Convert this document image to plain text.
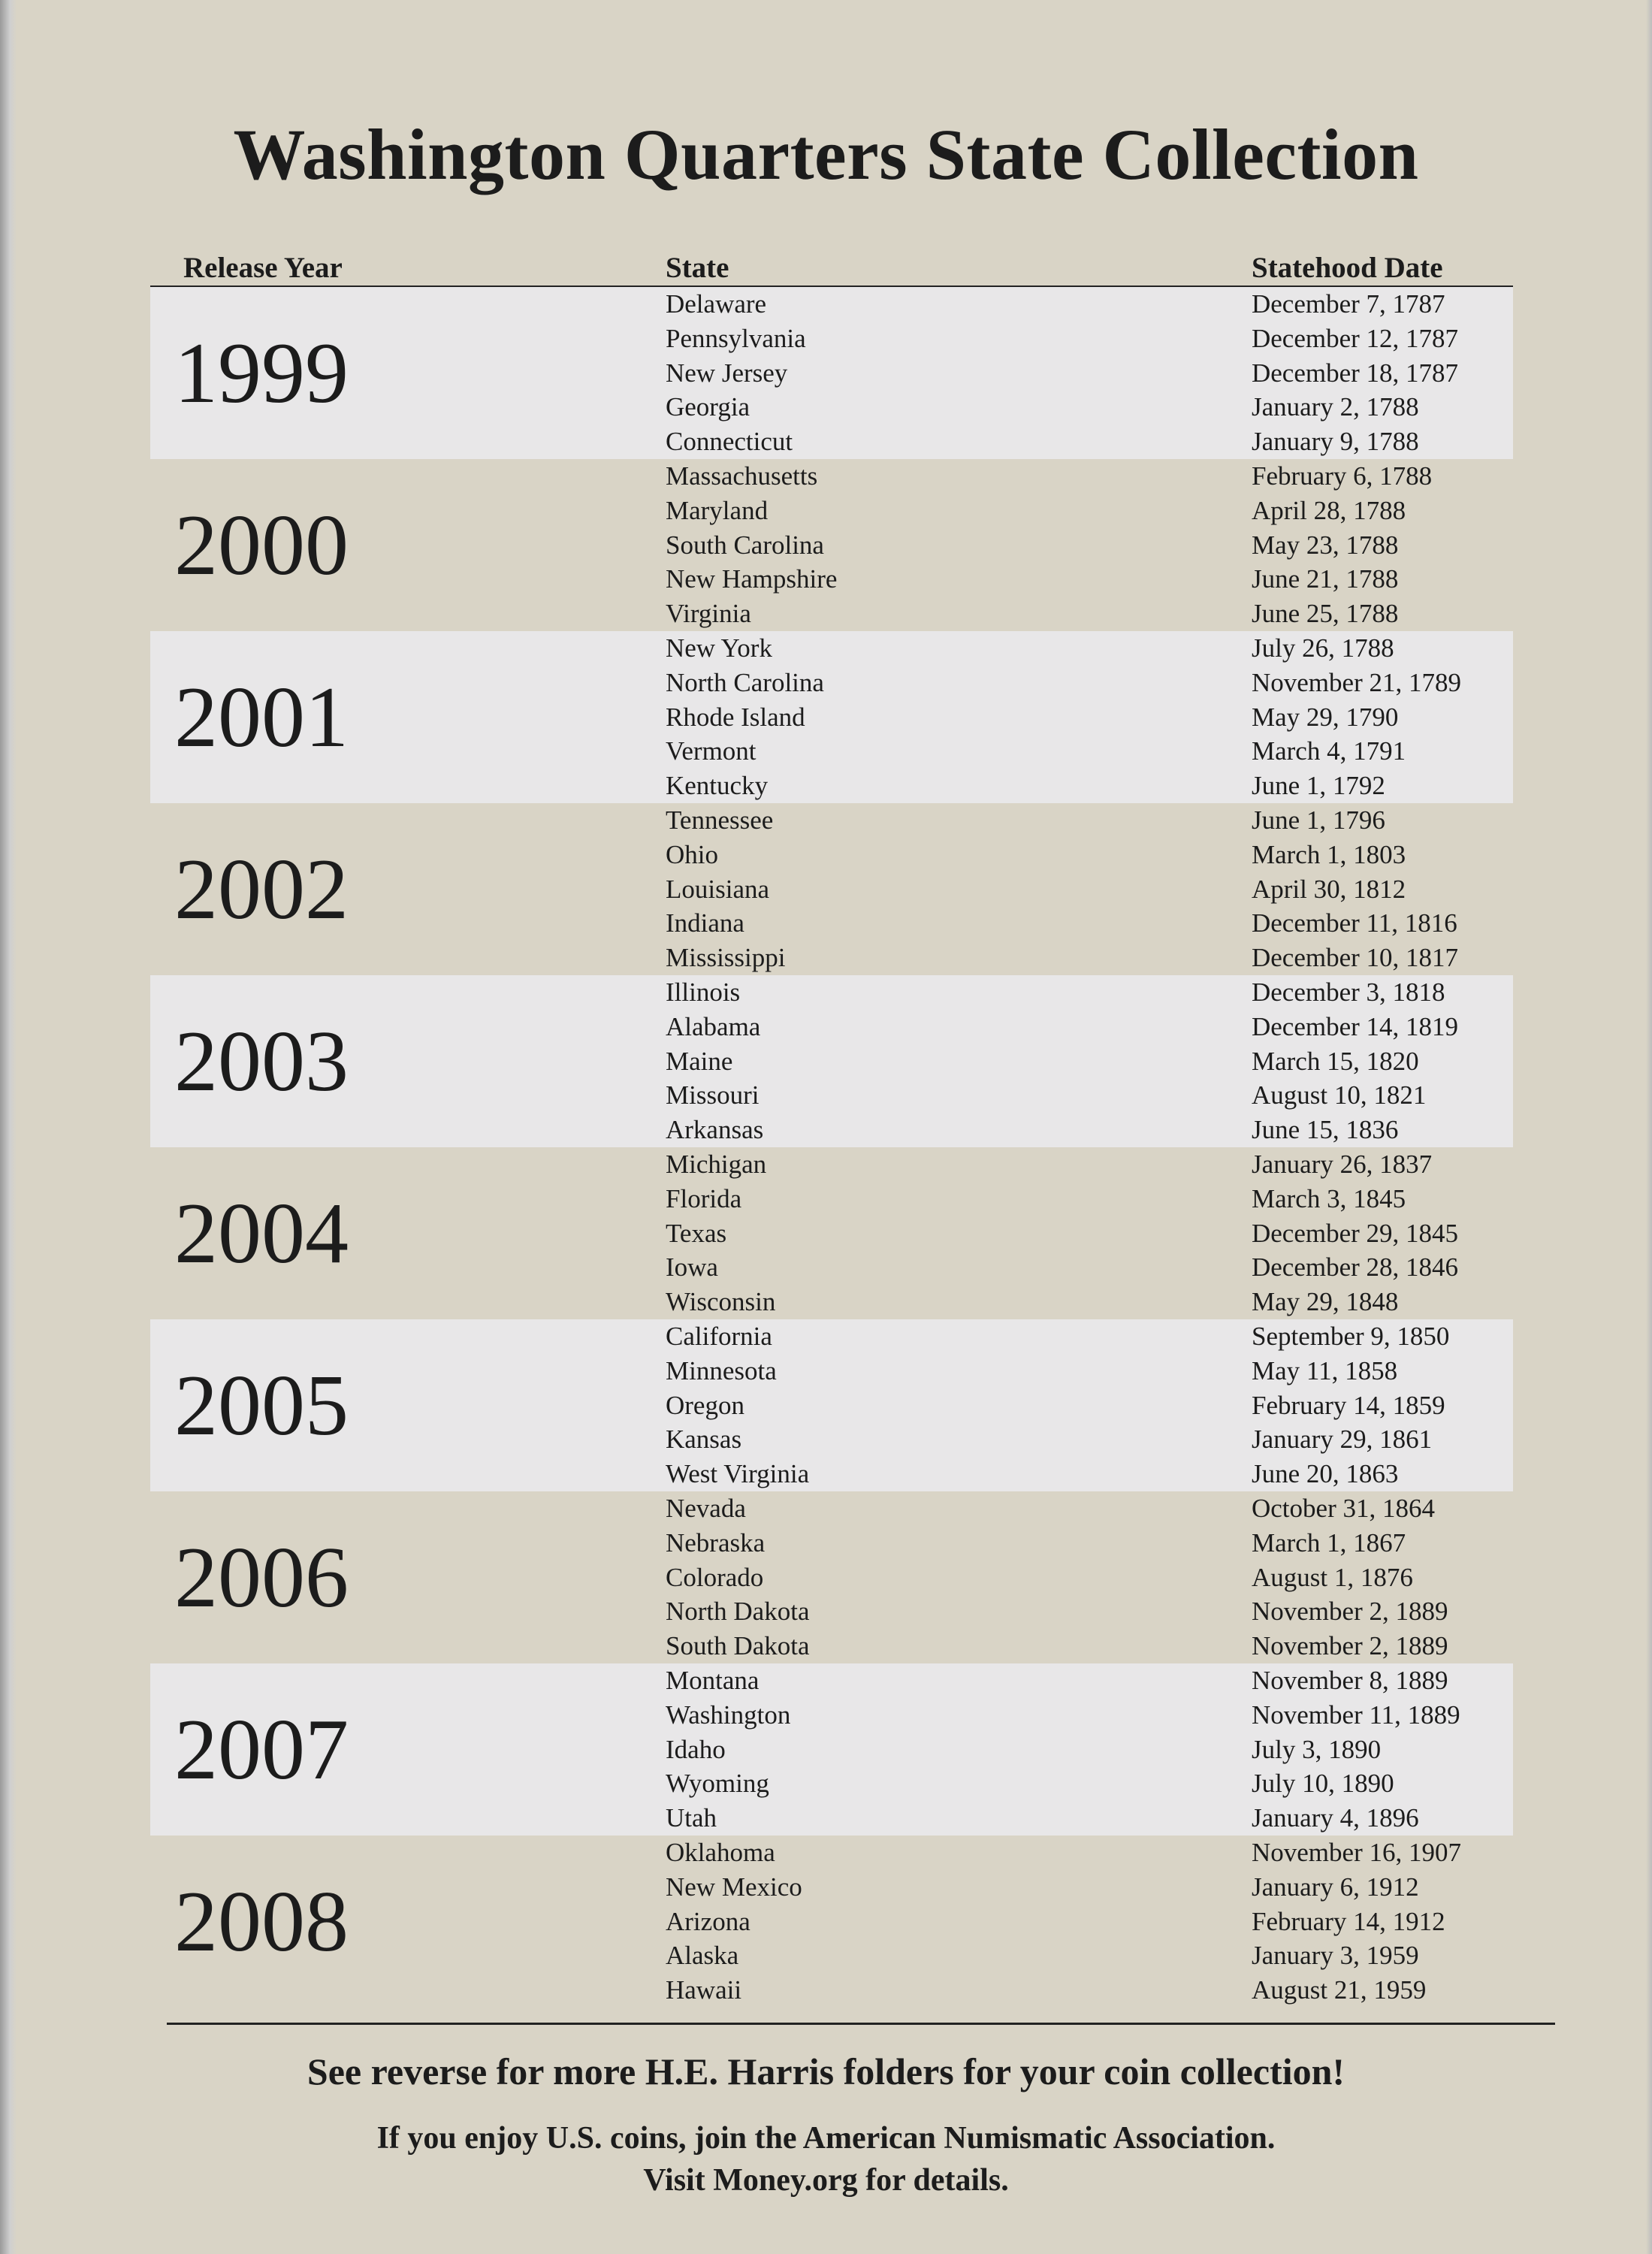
Washington Quarters State Collection
Release Year	State	Statehood Date
1999
Delaware	December 7, 1787
Pennsylvania	December 12, 1787
New Jersey	December 18, 1787
Georgia	January 2, 1788
Connecticut	January 9, 1788
2000
Massachusetts	February 6, 1788
Maryland	April 28, 1788
South Carolina	May 23, 1788
New Hampshire	June 21, 1788
Virginia	June 25, 1788
2001
New York	July 26, 1788
North Carolina	November 21, 1789
Rhode Island	May 29, 1790
Vermont	March 4, 1791
Kentucky	June 1, 1792
2002
Tennessee	June 1, 1796
Ohio	March 1, 1803
Louisiana	April 30, 1812
Indiana	December 11, 1816
Mississippi	December 10, 1817
2003
Illinois	December 3, 1818
Alabama	December 14, 1819
Maine	March 15, 1820
Missouri	August 10, 1821
Arkansas	June 15, 1836
2004
Michigan	January 26, 1837
Florida	March 3, 1845
Texas	December 29, 1845
Iowa	December 28, 1846
Wisconsin	May 29, 1848
2005
California	September 9, 1850
Minnesota	May 11, 1858
Oregon	February 14, 1859
Kansas	January 29, 1861
West Virginia	June 20, 1863
2006
Nevada	October 31, 1864
Nebraska	March 1, 1867
Colorado	August 1, 1876
North Dakota	November 2, 1889
South Dakota	November 2, 1889
2007
Montana	November 8, 1889
Washington	November 11, 1889
Idaho	July 3, 1890
Wyoming	July 10, 1890
Utah	January 4, 1896
2008
Oklahoma	November 16, 1907
New Mexico	January 6, 1912
Arizona	February 14, 1912
Alaska	January 3, 1959
Hawaii	August 21, 1959
See reverse for more H.E. Harris folders for your coin collection!
If you enjoy U.S. coins, join the American Numismatic Association.
Visit Money.org for details.
